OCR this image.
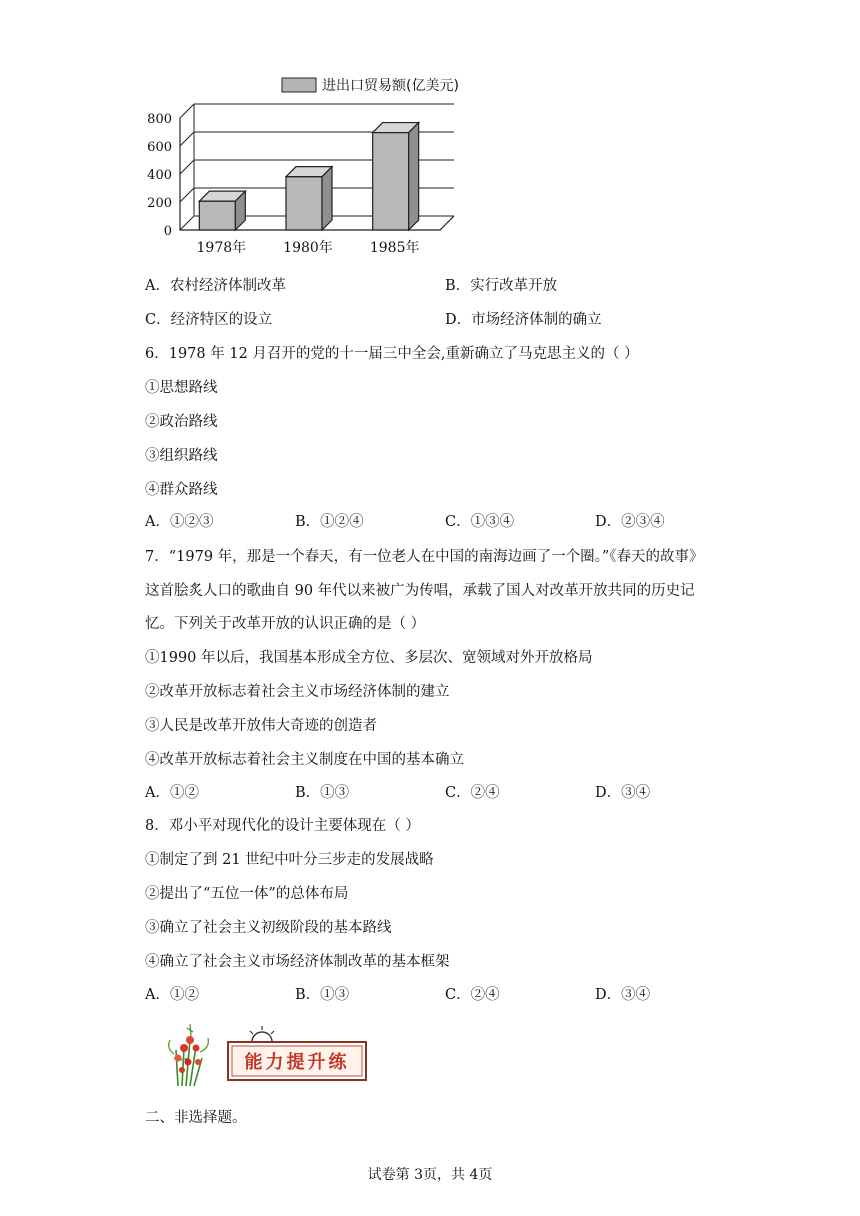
进出口贸易额(亿美元)
800
600
400
200
0
1978年	1980年	1985年
A．农村经济体制改革	B．实行改革开放
C．经济特区的设立	D．市场经济体制的确立
6．1978 年 12 月召开的党的十一届三中全会,重新确立了马克思主义的（ ）
①思想路线
②政治路线
③组织路线
④群众路线
A．①②③	B．①②④	C．①③④	D．②③④
7．“1979 年，那是一个春天，有一位老人在中国的南海边画了一个圈。”《春天的故事》
这首脍炙人口的歌曲自 90 年代以来被广为传唱，承载了国人对改革开放共同的历史记
忆。下列关于改革开放的认识正确的是（ ）
①1990 年以后，我国基本形成全方位、多层次、宽领域对外开放格局
②改革开放标志着社会主义市场经济体制的建立
③人民是改革开放伟大奇迹的创造者
④改革开放标志着社会主义制度在中国的基本确立
A．①②	B．①③	C．②④	D．③④
8．邓小平对现代化的设计主要体现在（ ）
①制定了到 21 世纪中叶分三步走的发展战略
②提出了“五位一体”的总体布局
③确立了社会主义初级阶段的基本路线
④确立了社会主义市场经济体制改革的基本框架
A．①②	B．①③	C．②④	D．③④
能力提升练
二、非选择题。
试卷第 3页，共 4页
